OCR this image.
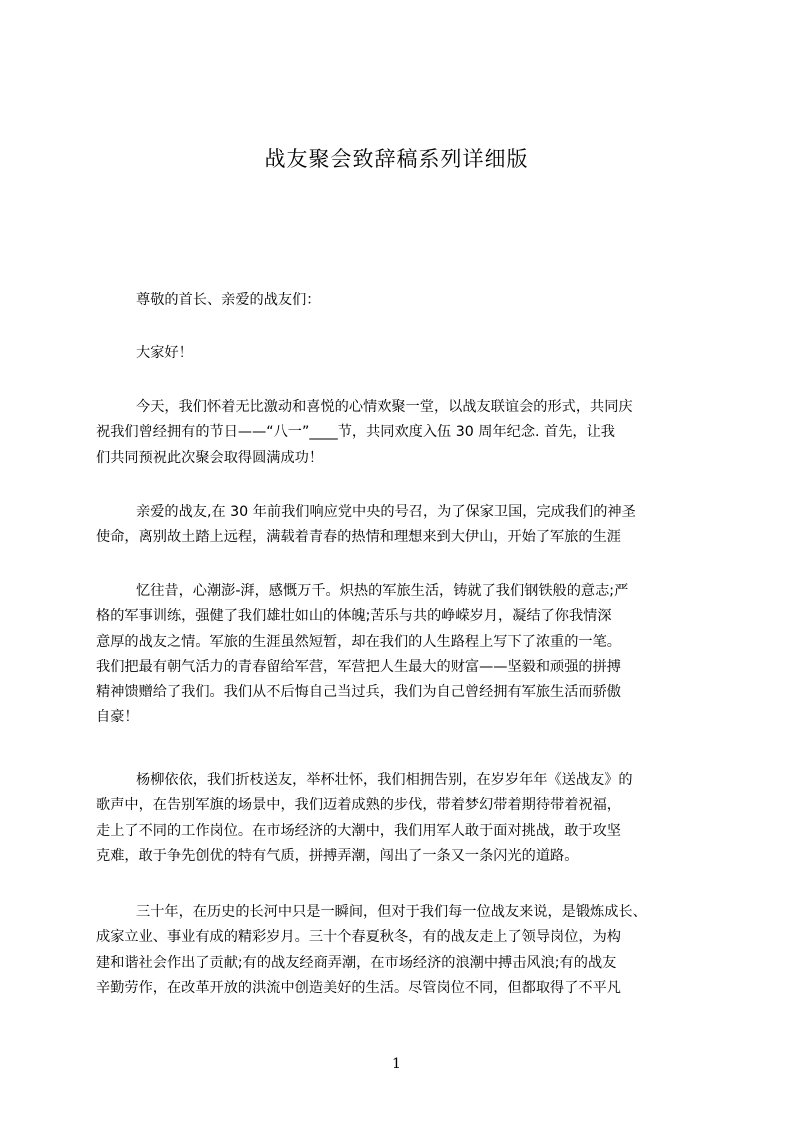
战友聚会致辞稿系列详细版

尊敬的首长、亲爱的战友们：

大家好！

今天，我们怀着无比激动和喜悦的心情欢聚一堂，以战友联谊会的形式，共同庆
祝我们曾经拥有的节日——“八一”____节，共同欢度入伍 30 周年纪念. 首先，让我
们共同预祝此次聚会取得圆满成功！

亲爱的战友,在 30 年前我们响应党中央的号召，为了保家卫国，完成我们的神圣
使命，离别故土踏上远程，满载着青春的热情和理想来到大伊山，开始了军旅的生涯

忆往昔，心潮澎-湃，感慨万千。炽热的军旅生活，铸就了我们钢铁般的意志;严
格的军事训练，强健了我们雄壮如山的体魄;苦乐与共的峥嵘岁月，凝结了你我情深
意厚的战友之情。军旅的生涯虽然短暂，却在我们的人生路程上写下了浓重的一笔。
我们把最有朝气活力的青春留给军营，军营把人生最大的财富——坚毅和顽强的拼搏
精神馈赠给了我们。我们从不后悔自己当过兵，我们为自己曾经拥有军旅生活而骄傲
自豪！

杨柳依依，我们折枝送友，举杯壮怀，我们相拥告别，在岁岁年年《送战友》的
歌声中，在告别军旗的场景中，我们迈着成熟的步伐，带着梦幻带着期待带着祝福，
走上了不同的工作岗位。在市场经济的大潮中，我们用军人敢于面对挑战，敢于攻坚
克难，敢于争先创优的特有气质，拼搏弄潮，闯出了一条又一条闪光的道路。

三十年，在历史的长河中只是一瞬间，但对于我们每一位战友来说，是锻炼成长、
成家立业、事业有成的精彩岁月。三十个春夏秋冬，有的战友走上了领导岗位，为构
建和谐社会作出了贡献;有的战友经商弄潮，在市场经济的浪潮中搏击风浪;有的战友
辛勤劳作，在改革开放的洪流中创造美好的生活。尽管岗位不同，但都取得了不平凡

1
